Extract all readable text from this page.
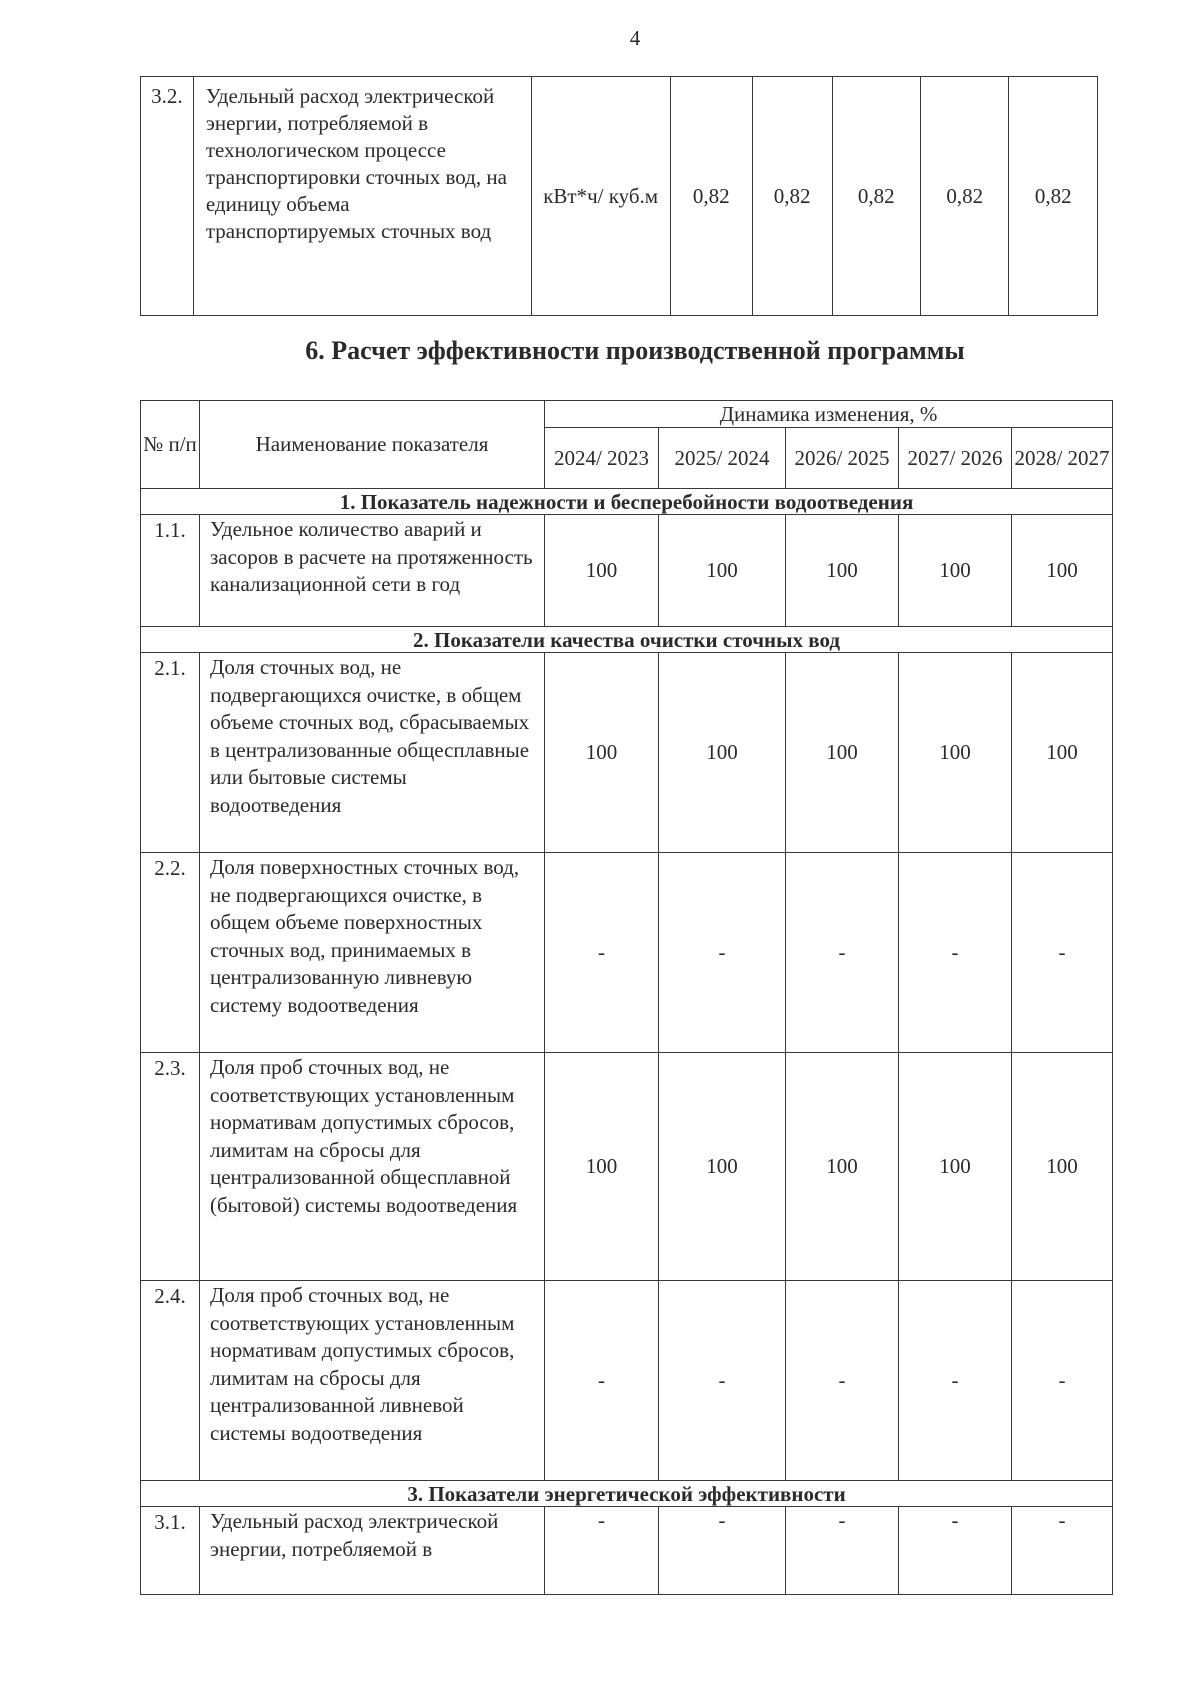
4
3.2.	Удельный расход электрической энергии, потребляемой в технологическом процессе транспортировки сточных вод, на единицу объема транспортируемых сточных вод	кВт*ч/ куб.м	0,82	0,82	0,82	0,82	0,82
6. Расчет эффективности производственной программы
№ п/п	Наименование показателя	Динамика изменения, %				
		2024/ 2023	2025/ 2024	2026/ 2025	2027/ 2026	2028/ 2027
1. Показатель надежности и бесперебойности водоотведения						
1.1.	Удельное количество аварий и засоров в расчете на протяженность канализационной сети в год	100	100	100	100	100
2. Показатели качества очистки сточных вод						
2.1.	Доля сточных вод, не подвергающихся очистке, в общем объеме сточных вод, сбрасываемых в централизованные общесплавные или бытовые системы водоотведения	100	100	100	100	100
2.2.	Доля поверхностных сточных вод, не подвергающихся очистке, в общем объеме поверхностных сточных вод, принимаемых в централизованную ливневую систему водоотведения	-	-	-	-	-
2.3.	Доля проб сточных вод, не соответствующих установленным нормативам допустимых сбросов, лимитам на сбросы для централизованной общесплавной (бытовой) системы водоотведения	100	100	100	100	100
2.4.	Доля проб сточных вод, не соответствующих установленным нормативам допустимых сбросов, лимитам на сбросы для централизованной ливневой системы водоотведения	-	-	-	-	-
3. Показатели энергетической эффективности						
3.1.	Удельный расход электрической энергии, потребляемой в	-	-	-	-	-
